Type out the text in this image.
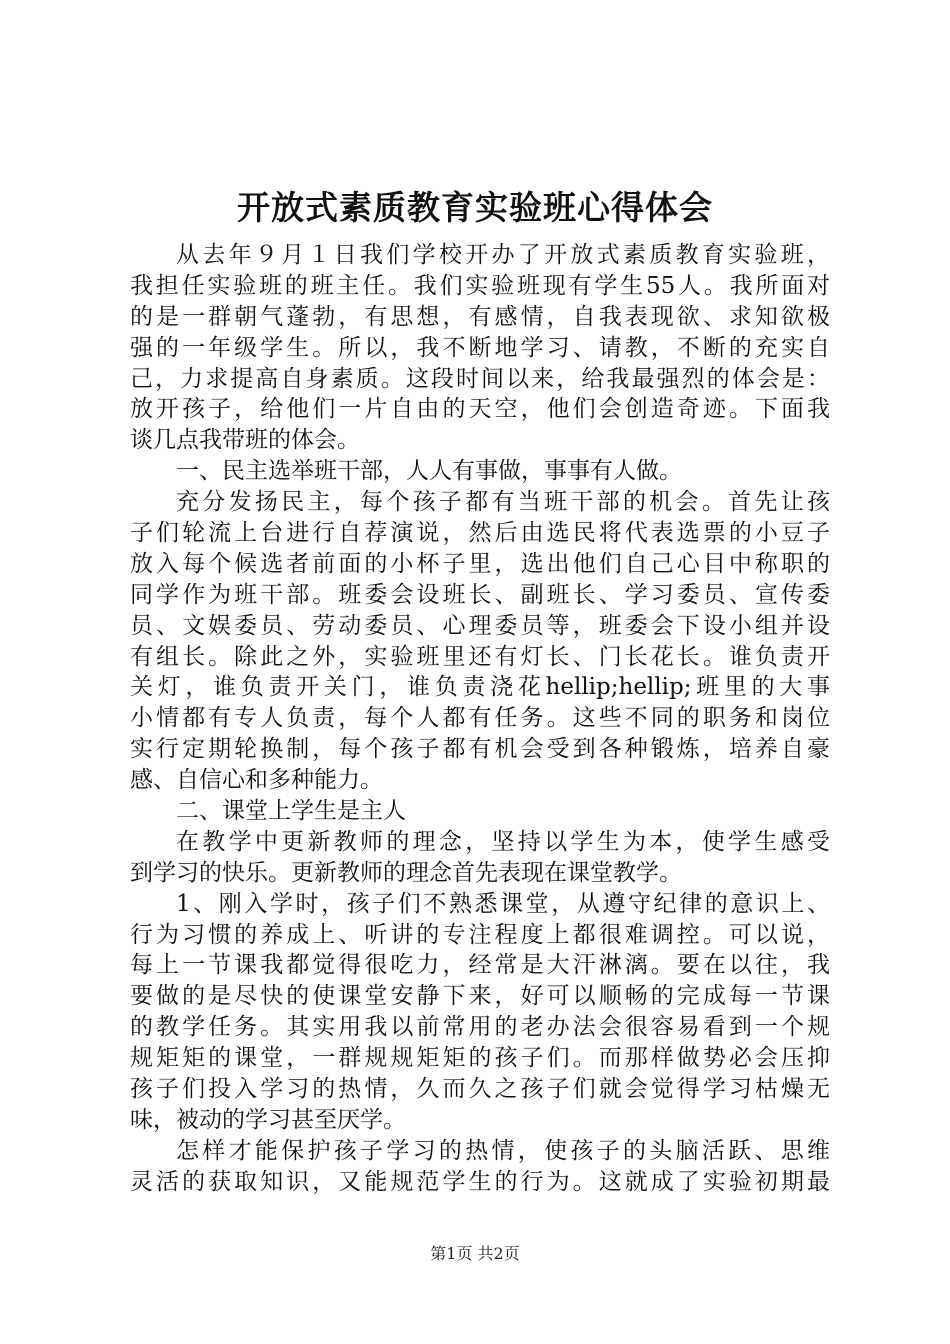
开放式素质教育实验班心得体会
从去年９月１日我们学校开办了开放式素质教育实验班，
我担任实验班的班主任。我们实验班现有学生55人。我所面对
的是一群朝气蓬勃，有思想，有感情，自我表现欲、求知欲极
强的一年级学生。所以，我不断地学习、请教，不断的充实自
己，力求提高自身素质。这段时间以来，给我最强烈的体会是：
放开孩子，给他们一片自由的天空，他们会创造奇迹。下面我
谈几点我带班的体会。
一、民主选举班干部，人人有事做，事事有人做。
充分发扬民主，每个孩子都有当班干部的机会。首先让孩
子们轮流上台进行自荐演说，然后由选民将代表选票的小豆子
放入每个候选者前面的小杯子里，选出他们自己心目中称职的
同学作为班干部。班委会设班长、副班长、学习委员、宣传委
员、文娱委员、劳动委员、心理委员等，班委会下设小组并设
有组长。除此之外，实验班里还有灯长、门长花长。谁负责开
关灯，谁负责开关门，谁负责浇花hellip;hellip;班里的大事
小情都有专人负责，每个人都有任务。这些不同的职务和岗位
实行定期轮换制，每个孩子都有机会受到各种锻炼，培养自豪
感、自信心和多种能力。
二、课堂上学生是主人
在教学中更新教师的理念，坚持以学生为本，使学生感受
到学习的快乐。更新教师的理念首先表现在课堂教学。
1、刚入学时，孩子们不熟悉课堂，从遵守纪律的意识上、
行为习惯的养成上、听讲的专注程度上都很难调控。可以说，
每上一节课我都觉得很吃力，经常是大汗淋漓。要在以往，我
要做的是尽快的使课堂安静下来，好可以顺畅的完成每一节课
的教学任务。其实用我以前常用的老办法会很容易看到一个规
规矩矩的课堂，一群规规矩矩的孩子们。而那样做势必会压抑
孩子们投入学习的热情，久而久之孩子们就会觉得学习枯燥无
味，被动的学习甚至厌学。
怎样才能保护孩子学习的热情，使孩子的头脑活跃、思维
灵活的获取知识，又能规范学生的行为。这就成了实验初期最
第1页 共2页
